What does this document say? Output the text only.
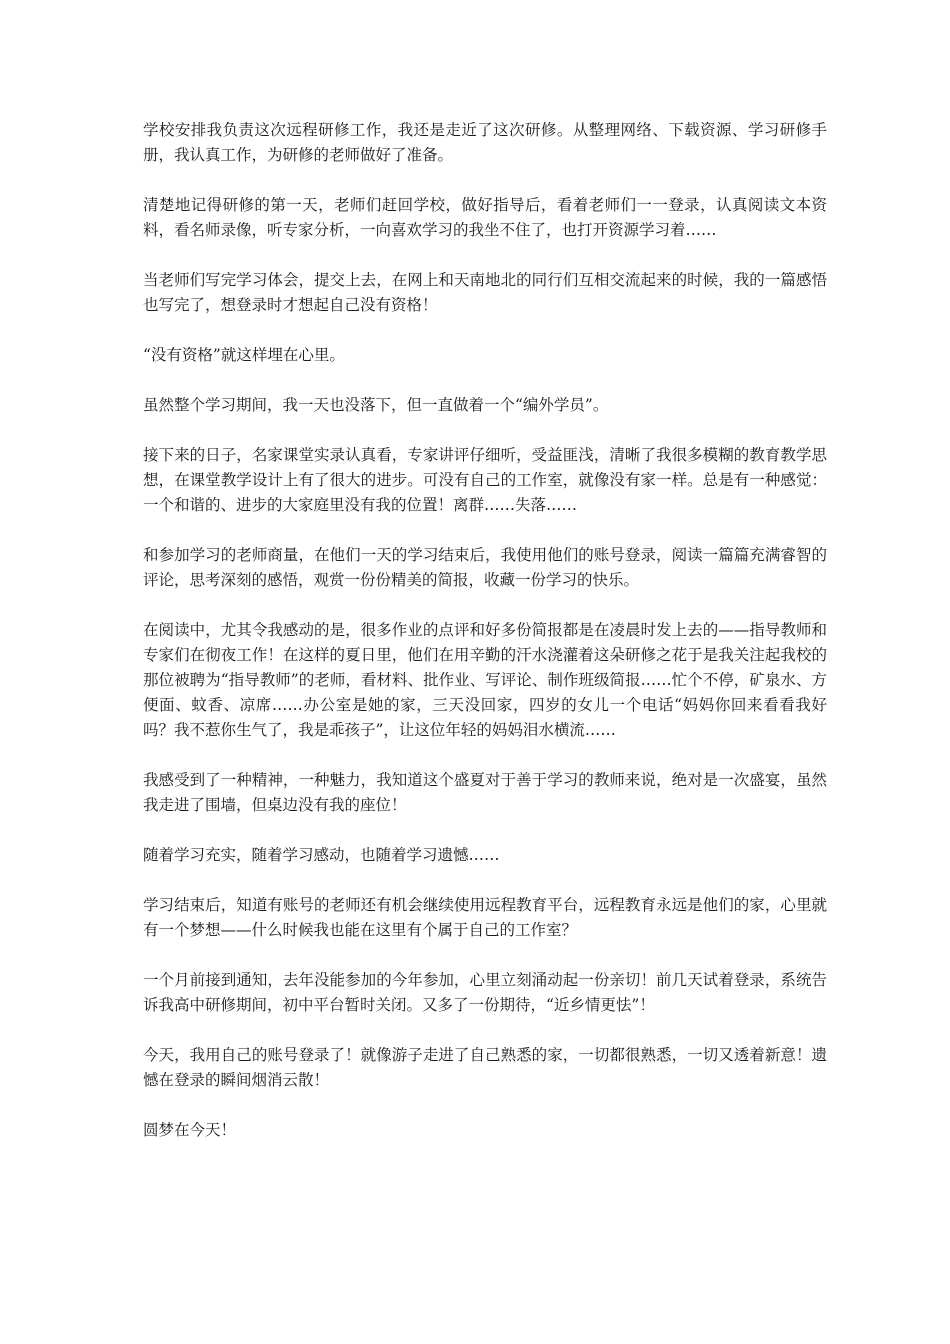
学校安排我负责这次远程研修工作，我还是走近了这次研修。从整理网络、下载资源、学习研修手册，我认真工作，为研修的老师做好了准备。

清楚地记得研修的第一天，老师们赶回学校，做好指导后，看着老师们一一登录，认真阅读文本资料，看名师录像，听专家分析，一向喜欢学习的我坐不住了，也打开资源学习着……

当老师们写完学习体会，提交上去，在网上和天南地北的同行们互相交流起来的时候，我的一篇感悟也写完了，想登录时才想起自己没有资格！

“没有资格”就这样埋在心里。

虽然整个学习期间，我一天也没落下，但一直做着一个“编外学员”。

接下来的日子，名家课堂实录认真看，专家讲评仔细听，受益匪浅，清晰了我很多模糊的教育教学思想，在课堂教学设计上有了很大的进步。可没有自己的工作室，就像没有家一样。总是有一种感觉：一个和谐的、进步的大家庭里没有我的位置！离群……失落……

和参加学习的老师商量，在他们一天的学习结束后，我使用他们的账号登录，阅读一篇篇充满睿智的评论，思考深刻的感悟，观赏一份份精美的简报，收藏一份学习的快乐。

在阅读中，尤其令我感动的是，很多作业的点评和好多份简报都是在凌晨时发上去的——指导教师和专家们在彻夜工作！在这样的夏日里，他们在用辛勤的汗水浇灌着这朵研修之花于是我关注起我校的那位被聘为“指导教师”的老师，看材料、批作业、写评论、制作班级简报……忙个不停，矿泉水、方便面、蚊香、凉席……办公室是她的家，三天没回家，四岁的女儿一个电话“妈妈你回来看看我好吗？我不惹你生气了，我是乖孩子”，让这位年轻的妈妈泪水横流……

我感受到了一种精神，一种魅力，我知道这个盛夏对于善于学习的教师来说，绝对是一次盛宴，虽然我走进了围墙，但桌边没有我的座位！

随着学习充实，随着学习感动，也随着学习遗憾……

学习结束后，知道有账号的老师还有机会继续使用远程教育平台，远程教育永远是他们的家，心里就有一个梦想——什么时候我也能在这里有个属于自己的工作室？

一个月前接到通知，去年没能参加的今年参加，心里立刻涌动起一份亲切！前几天试着登录，系统告诉我高中研修期间，初中平台暂时关闭。又多了一份期待，“近乡情更怯”！

今天，我用自己的账号登录了！就像游子走进了自己熟悉的家，一切都很熟悉，一切又透着新意！遗憾在登录的瞬间烟消云散！

圆梦在今天！
